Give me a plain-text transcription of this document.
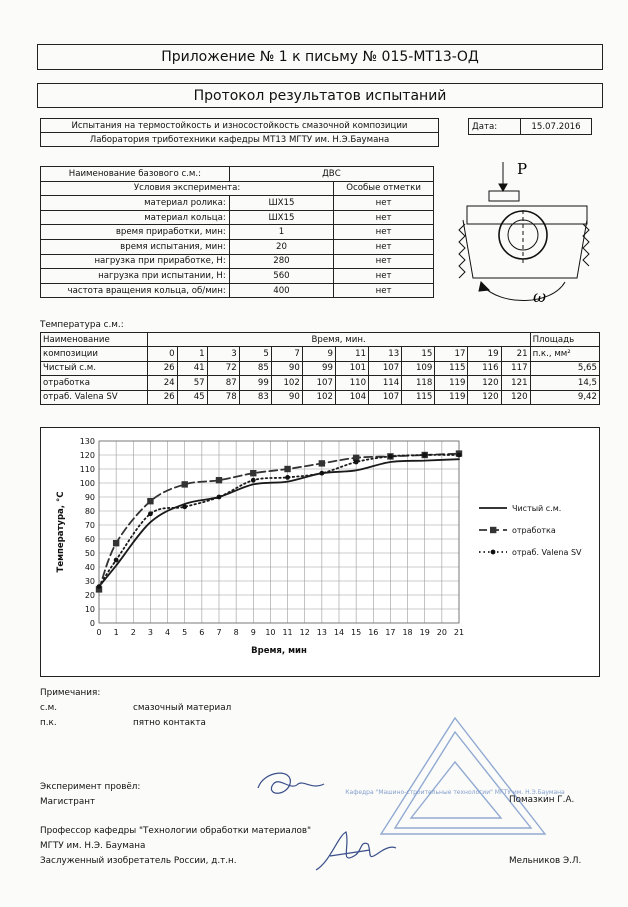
Приложение № 1 к письму № 015-МТ13-ОД
Протокол результатов испытаний
Испытания на термостойкость и износостойкость смазочной композиции
Лаборатория триботехники кафедры МТ13 МГТУ им. Н.Э.Баумана
Дата:	15.07.2016
Наименование базового с.м.:	ДВС	
Условия эксперимента:		Особые отметки
материал ролика:	ШХ15	нет
материал кольца:	ШХ15	нет
время приработки, мин:	1	нет
время испытания, мин:	20	нет
нагрузка при приработке, Н:	280	нет
нагрузка при испытании, Н:	560	нет
частота вращения кольца, об/мин:	400	нет
P
ω
Температура с.м.:
Наименование	Время, мин.												Площадь
композиции	0	1	3	5	7	9	11	13	15	17	19	21	п.к., мм²
Чистый с.м.	26	41	72	85	90	99	101	107	109	115	116	117	5,65
отработка	24	57	87	99	102	107	110	114	118	119	120	121	14,5
отраб. Valena SV	26	45	78	83	90	102	104	107	115	119	120	120	9,42
0 1 2 3 4 5 6 7 8 9 10 11 12 13 14 15 16 17 18 19 20 21
0
10
20
30
40
50
60
70
80
90
100
110
120
130
Время, мин
Температура, °C	Чистый с.м.
отработка
отраб. Valena SV
Примечания:
с.м.	смазочный материал
п.к.	пятно контакта
Кафедра "Машино-строительные технологии" МГТУ им. Н.Э.Баумана
Эксперимент провёл:
Магистрант	Помазкин Г.А.
Профессор кафедры "Технологии обработки материалов"
МГТУ им. Н.Э. Баумана
Заслуженный изобретатель России, д.т.н.	Мельников Э.Л.
